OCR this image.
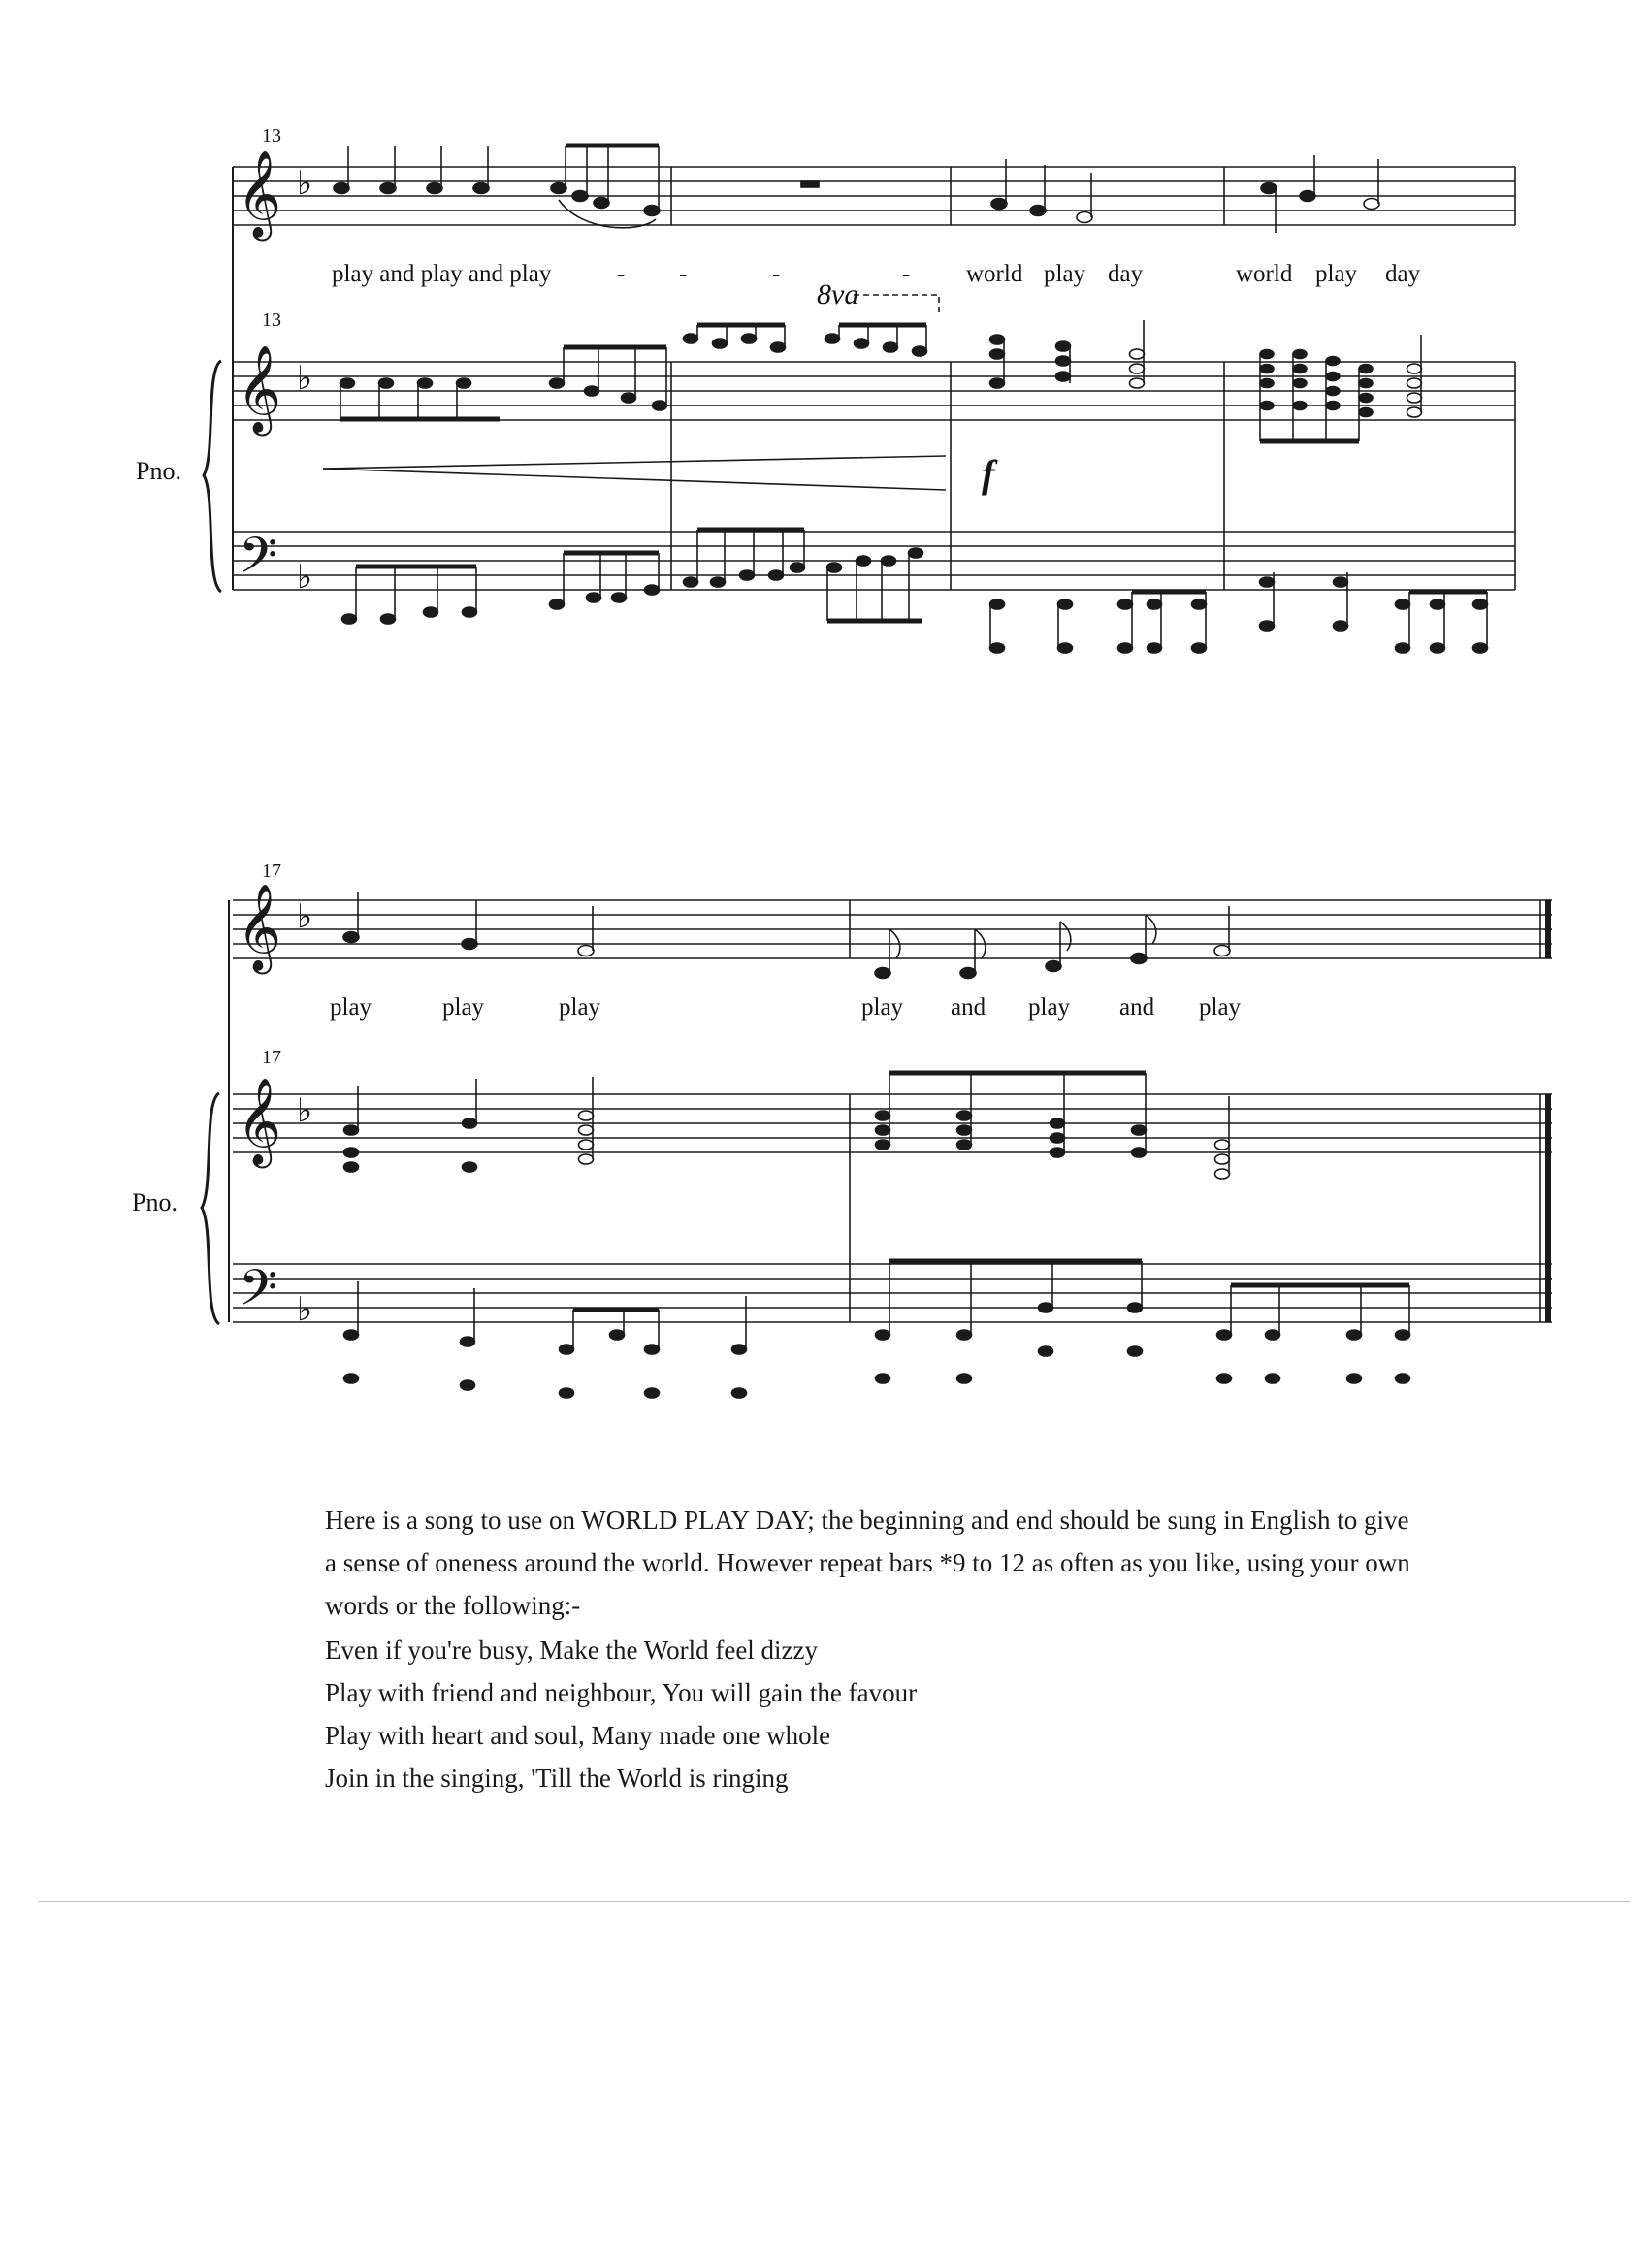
𝄞
𝄞
𝄢
𝄞
𝄞
𝄢
♭
♭
♭
♭
♭
♭
13
13
17
17
play and play and play	- -	-	- world play day	world play day
8va
f
Pno.
Pno.
play	play	play	play and play and play

Here is a song to use on WORLD PLAY DAY; the beginning and end should be sung in English to give a sense of oneness around the world. However repeat bars *9 to 12 as often as you like, using your own words or the following:-

Even if you're busy, Make the World feel dizzy

Play with friend and neighbour, You will gain the favour

Play with heart and soul, Many made one whole

Join in the singing, 'Till the World is ringing
